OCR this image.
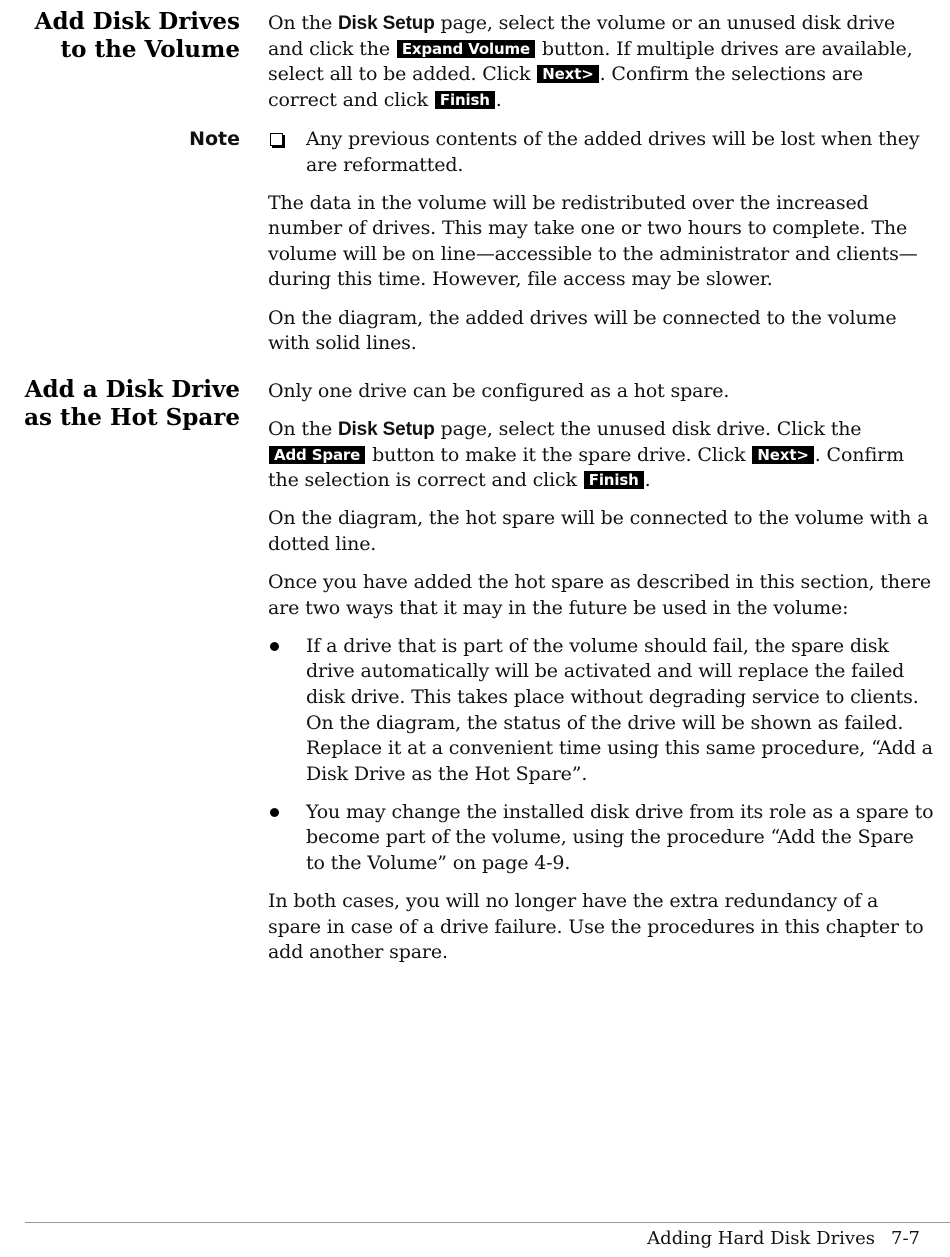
Add Disk Drives
to the Volume

On the Disk Setup page, select the volume or an unused disk drive and click the Expand Volume button. If multiple drives are available, select all to be added. Click Next> . Confirm the selections are correct and click Finish .

Note	Any previous contents of the added drives will be lost when they are reformatted.

The data in the volume will be redistributed over the increased number of drives. This may take one or two hours to complete. The volume will be on line—accessible to the administrator and clients—during this time. However, file access may be slower.

On the diagram, the added drives will be connected to the volume with solid lines.

Add a Disk Drive
as the Hot Spare

Only one drive can be configured as a hot spare.

On the Disk Setup page, select the unused disk drive. Click the Add Spare button to make it the spare drive. Click Next> . Confirm the selection is correct and click Finish .

On the diagram, the hot spare will be connected to the volume with a dotted line.

Once you have added the hot spare as described in this section, there are two ways that it may in the future be used in the volume:

If a drive that is part of the volume should fail, the spare disk drive automatically will be activated and will replace the failed disk drive. This takes place without degrading service to clients. On the diagram, the status of the drive will be shown as failed. Replace it at a convenient time using this same procedure, “Add a Disk Drive as the Hot Spare”.
You may change the installed disk drive from its role as a spare to become part of the volume, using the procedure “Add the Spare to the Volume” on page 4-9.

In both cases, you will no longer have the extra redundancy of a spare in case of a drive failure. Use the procedures in this chapter to add another spare.

Adding Hard Disk Drives 7-7
